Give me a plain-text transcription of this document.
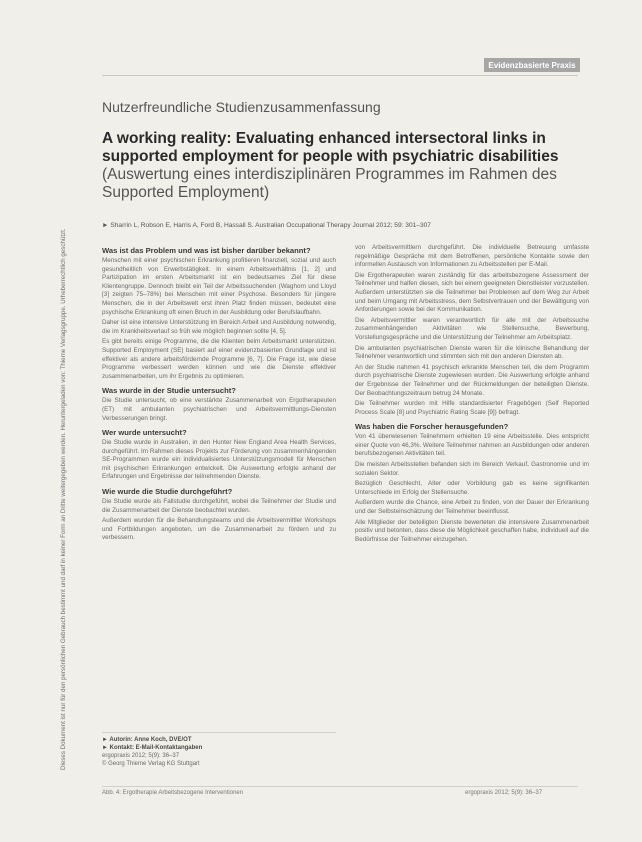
Dieses Dokument ist nur für den persönlichen Gebrauch bestimmt und darf in keiner Form an Dritte weitergegeben werden. Heruntergeladen von: Thieme Verlagsgruppe. Urheberrechtlich geschützt.
Evidenzbasierte Praxis
Nutzerfreundliche Studienzusammenfassung
A working reality: Evaluating enhanced intersectoral links in supported employment for people with psychiatric disabilities
(Auswertung eines interdisziplinären Programmes im Rahmen des Supported Employment)
► Sharrin L, Robson E, Harris A, Ford B, Hassall S. Australian Occupational Therapy Journal 2012; 59: 301–307
Was ist das Problem und was ist bisher darüber bekannt?

Menschen mit einer psychischen Erkrankung profitieren finanziell, sozial und auch gesundheitlich von Erwerbstätigkeit. In einem Arbeitsverhältnis [1, 2] und Partizipation im ersten Arbeitsmarkt ist ein bedeutsames Ziel für diese Klientengruppe. Dennoch bleibt ein Teil der Arbeitssuchenden (Waghorn und Lloyd [3] zeigten 75–78%) bei Menschen mit einer Psychose. Besonders für jüngere Menschen, die in der Arbeitswelt erst ihren Platz finden müssen, bedeutet eine psychische Erkrankung oft einen Bruch in der Ausbildung oder Berufslaufbahn.

Daher ist eine intensive Unterstützung im Bereich Arbeit und Ausbildung notwendig, die im Krankheitsverlauf so früh wie möglich beginnen sollte [4, 5].

Es gibt bereits einige Programme, die die Klienten beim Arbeitsmarkt unterstützen. Supported Employment (SE) basiert auf einer evidenzbasierten Grundlage und ist effektiver als andere arbeitsfördernde Programme [6, 7]. Die Frage ist, wie diese Programme verbessert werden können und wie die Dienste effektiver zusammenarbeiten, um ihr Ergebnis zu optimieren.

Was wurde in der Studie untersucht?

Die Studie untersucht, ob eine verstärkte Zusammenarbeit von Ergotherapeuten (ET) mit ambulanten psychiatrischen und Arbeitsvermittlungs-Diensten Verbesserungen bringt.

Wer wurde untersucht?

Die Studie wurde in Australien, in den Hunter New England Area Health Services, durchgeführt. Im Rahmen dieses Projekts zur Förderung von zusammenhängenden SE-Programmen wurde ein individualisiertes Unterstützungsmodell für Menschen mit psychischen Erkrankungen entwickelt. Die Auswertung erfolgte anhand der Erfahrungen und Ergebnisse der teilnehmenden Dienste.

Wie wurde die Studie durchgeführt?

Die Studie wurde als Fallstudie durchgeführt, wobei die Teilnehmer der Studie und die Zusammenarbeit der Dienste beobachtet wurden.

Außerdem wurden für die Behandlungsteams und die Arbeitsvermittler Workshops und Fortbildungen angeboten, um die Zusammenarbeit zu fördern und zu verbessern.

von Arbeitsvermittlern durchgeführt. Die individuelle Betreuung umfasste regelmäßige Gespräche mit dem Betroffenen, persönliche Kontakte sowie den informellen Austausch von Informationen zu Arbeitsstellen per E-Mail.

Die Ergotherapeuten waren zuständig für das arbeitsbezogene Assessment der Teilnehmer und halfen diesen, sich bei einem geeigneten Dienstleister vorzustellen. Außerdem unterstützten sie die Teilnehmer bei Problemen auf dem Weg zur Arbeit und beim Umgang mit Arbeitsstress, dem Selbstvertrauen und der Bewältigung von Anforderungen sowie bei der Kommunikation.

Die Arbeitsvermittler waren verantwortlich für alle mit der Arbeitssuche zusammenhängenden Aktivitäten wie Stellensuche, Bewerbung, Vorstellungsgespräche und die Unterstützung der Teilnehmer am Arbeitsplatz.

Die ambulanten psychiatrischen Dienste waren für die klinische Behandlung der Teilnehmer verantwortlich und stimmten sich mit den anderen Diensten ab.

An der Studie nahmen 41 psychisch erkrankte Menschen teil, die dem Programm durch psychiatrische Dienste zugewiesen wurden. Die Auswertung erfolgte anhand der Ergebnisse der Teilnehmer und der Rückmeldungen der beteiligten Dienste. Der Beobachtungszeitraum betrug 24 Monate.

Die Teilnehmer wurden mit Hilfe standardisierter Fragebögen (Self Reported Process Scale [8] und Psychiatric Rating Scale [9]) befragt.

Was haben die Forscher herausgefunden?

Von 41 überwiesenen Teilnehmern erhielten 19 eine Arbeitsstelle. Dies entspricht einer Quote von 46,3%. Weitere Teilnehmer nahmen an Ausbildungen oder anderen berufsbezogenen Aktivitäten teil.

Die meisten Arbeitsstellen befanden sich im Bereich Verkauf, Gastronomie und im sozialen Sektor.

Bezüglich Geschlecht, Alter oder Vorbildung gab es keine signifikanten Unterschiede im Erfolg der Stellensuche.

Außerdem wurde die Chance, eine Arbeit zu finden, von der Dauer der Erkrankung und der Selbsteinschätzung der Teilnehmer beeinflusst.

Alle Mitglieder der beteiligten Dienste bewerteten die intensivere Zusammenarbeit positiv und betonten, dass diese die Möglichkeit geschaffen habe, individuell auf die Bedürfnisse der Teilnehmer einzugehen.

► Autorin: Anne Koch, DVE/OT
► Kontakt: E-Mail-Kontaktangaben
ergopraxis 2012; 5(9): 36–37
© Georg Thieme Verlag KG Stuttgart
Abb. 4: Ergotherapie Arbeitsbezogene Interventionen	ergopraxis 2012; 5(9): 36–37
